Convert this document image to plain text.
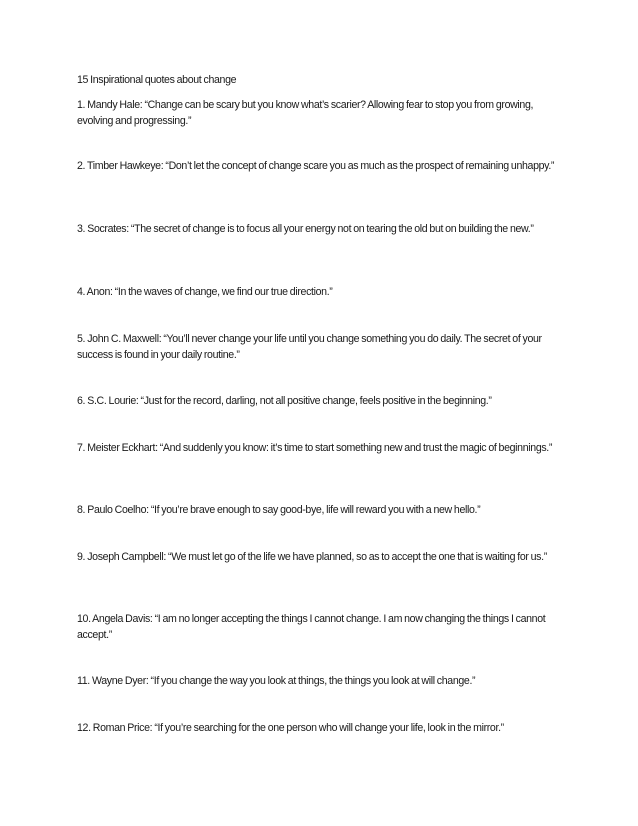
15 Inspirational quotes about change

1. Mandy Hale: “Change can be scary but you know what’s scarier? Allowing fear to stop you from growing, evolving and progressing.”

2. Timber Hawkeye: “Don’t let the concept of change scare you as much as the prospect of remaining unhappy.”

3. Socrates: “The secret of change is to focus all your energy not on tearing the old but on building the new.”

4. Anon: “In the waves of change, we find our true direction.”

5. John C. Maxwell: “You’ll never change your life until you change something you do daily. The secret of your success is found in your daily routine.”

6. S.C. Lourie: “Just for the record, darling, not all positive change, feels positive in the beginning.”

7. Meister Eckhart: “And suddenly you know: it’s time to start something new and trust the magic of beginnings.”

8. Paulo Coelho: “If you’re brave enough to say good-bye, life will reward you with a new hello.”

9. Joseph Campbell: “We must let go of the life we have planned, so as to accept the one that is waiting for us.”

10. Angela Davis: “I am no longer accepting the things I cannot change. I am now changing the things I cannot accept.”

11. Wayne Dyer: “If you change the way you look at things, the things you look at will change.”

12. Roman Price: “If you’re searching for the one person who will change your life, look in the mirror.”
